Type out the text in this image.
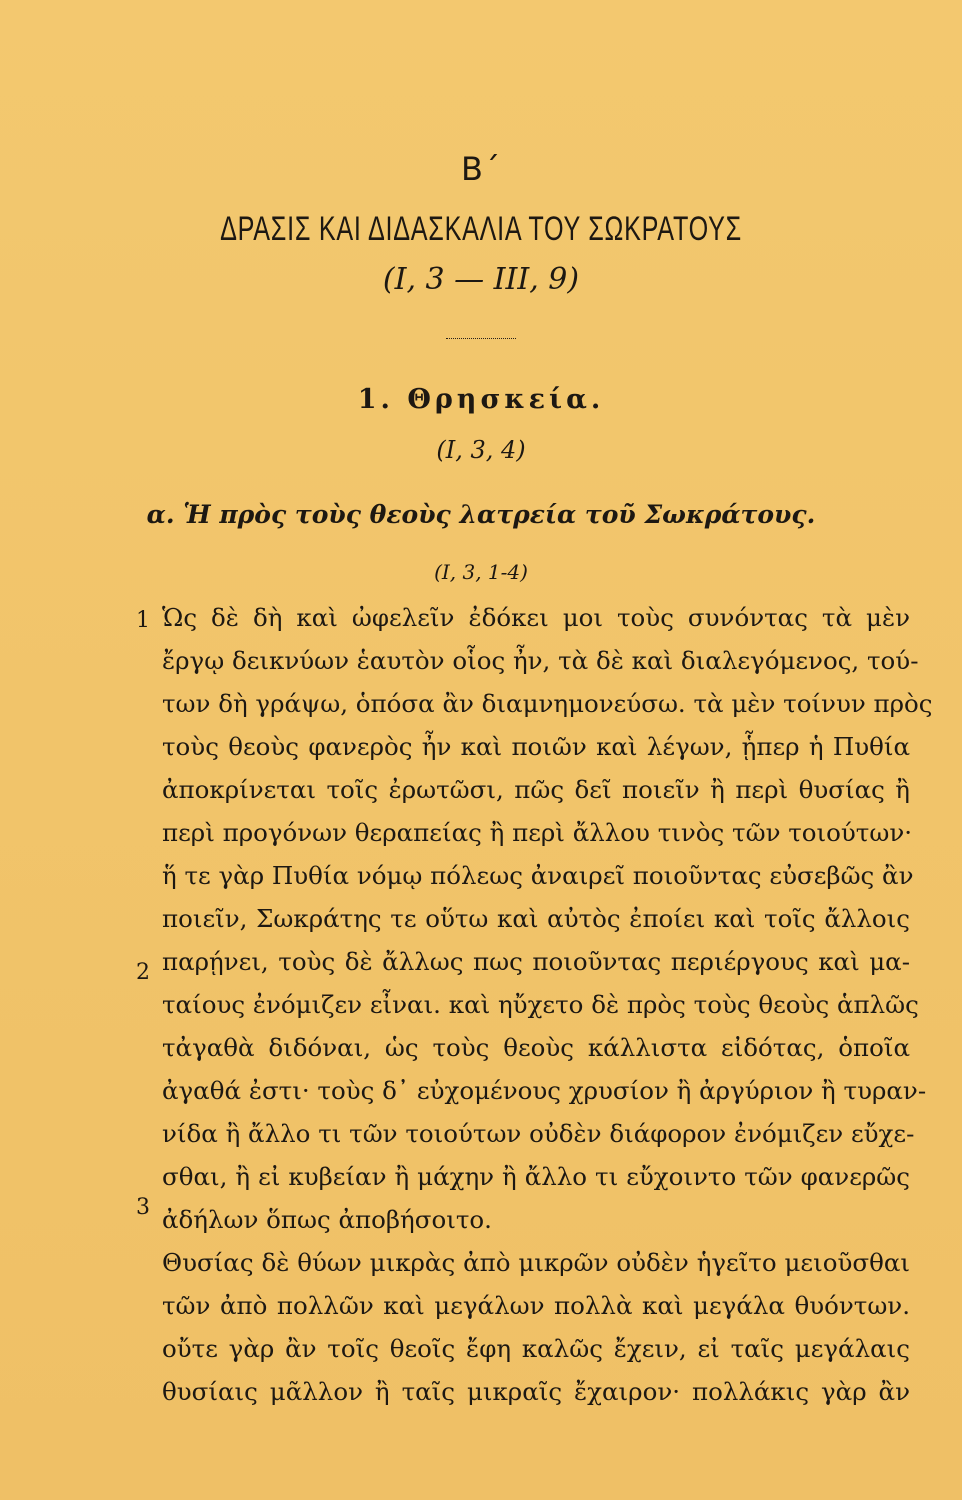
Β΄
ΔΡΑΣΙΣ ΚΑΙ ΔΙΔΑΣΚΑΛΙΑ ΤΟΥ ΣΩΚΡΑΤΟΥΣ
(Ι, 3 — ΙΙΙ, 9)
1. Θρησκεία.
(Ι, 3, 4)
α. Ἡ πρὸς τοὺς θεοὺς λατρεία τοῦ Σωκράτους.
(Ι, 3, 1-4)
1
2
3
Ὡς δὲ δὴ καὶ ὠφελεῖν ἐδόκει μοι τοὺς συνόντας τὰ μὲν
ἔργῳ δεικνύων ἑαυτὸν οἷος ἦν, τὰ δὲ καὶ διαλεγόμενος, τού-
των δὴ γράψω, ὁπόσα ἂν διαμνημονεύσω. τὰ μὲν τοίνυν πρὸς
τοὺς θεοὺς φανερὸς ἦν καὶ ποιῶν καὶ λέγων, ᾗπερ ἡ Πυθία
ἀποκρίνεται τοῖς ἐρωτῶσι, πῶς δεῖ ποιεῖν ἢ περὶ θυσίας ἢ
περὶ προγόνων θεραπείας ἢ περὶ ἄλλου τινὸς τῶν τοιούτων·
ἥ τε γὰρ Πυθία νόμῳ πόλεως ἀναιρεῖ ποιοῦντας εὐσεβῶς ἂν
ποιεῖν, Σωκράτης τε οὕτω καὶ αὐτὸς ἐποίει καὶ τοῖς ἄλλοις
παρῄνει, τοὺς δὲ ἄλλως πως ποιοῦντας περιέργους καὶ μα-
ταίους ἐνόμιζεν εἶναι. καὶ ηὔχετο δὲ πρὸς τοὺς θεοὺς ἁπλῶς
τἀγαθὰ διδόναι, ὡς τοὺς θεοὺς κάλλιστα εἰδότας, ὁποῖα
ἀγαθά ἐστι· τοὺς δ᾽ εὐχομένους χρυσίον ἢ ἀργύριον ἢ τυραν-
νίδα ἢ ἄλλο τι τῶν τοιούτων οὐδὲν διάφορον ἐνόμιζεν εὔχε-
σθαι, ἢ εἰ κυβείαν ἢ μάχην ἢ ἄλλο τι εὔχοιντο τῶν φανερῶς
ἀδήλων ὅπως ἀποβήσοιτο.
Θυσίας δὲ θύων μικρὰς ἀπὸ μικρῶν οὐδὲν ἡγεῖτο μειοῦσθαι
τῶν ἀπὸ πολλῶν καὶ μεγάλων πολλὰ καὶ μεγάλα θυόντων.
οὔτε γὰρ ἂν τοῖς θεοῖς ἔφη καλῶς ἔχειν, εἰ ταῖς μεγάλαις
θυσίαις μᾶλλον ἢ ταῖς μικραῖς ἔχαιρον· πολλάκις γὰρ ἂν
